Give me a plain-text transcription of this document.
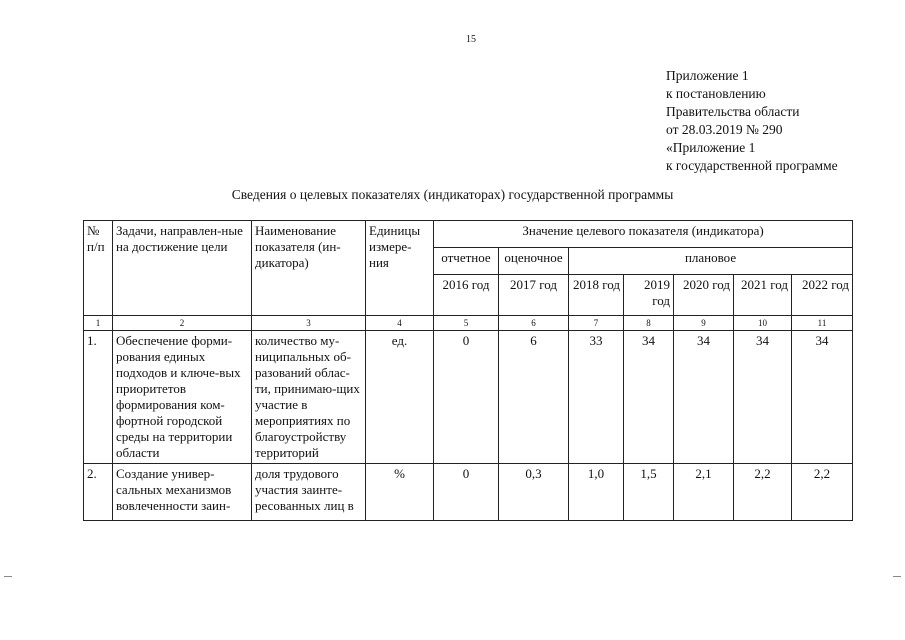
15
Приложение 1
к постановлению
Правительства области
от 28.03.2019 № 290
«Приложение 1
к государственной программе
Сведения о целевых показателях (индикаторах) государственной программы
№ п/п	Задачи, направлен-ные на достижение цели	Наименование показателя (ин-дикатора)	Единицы измере-ния	Значение целевого показателя (индикатора)						
				отчетное	оценочное	плановое				
				2016 год	2017 год	2018 год	2019 год	2020 год	2021 год	2022 год
1	2	3	4	5	6	7	8	9	10	11
1.	Обеспечение форми-рования единых подходов и ключе-вых приоритетов формирования ком-фортной городской среды на территории области	количество му-ниципальных об-разований облас-ти, принимаю-щих участие в мероприятиях по благоустройству территорий	ед.	0	6	33	34	34	34	34
2.	Создание универ-сальных механизмов вовлеченности заин-	доля трудового участия заинте-ресованных лиц в	%	0	0,3	1,0	1,5	2,1	2,2	2,2
